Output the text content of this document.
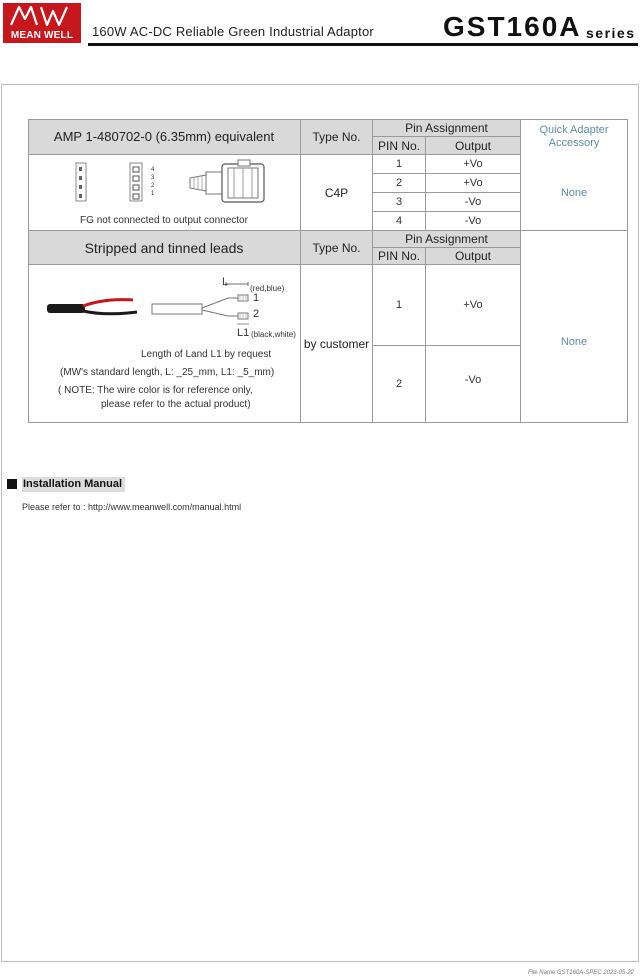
MEAN WELL	160W AC-DC Reliable Green Industrial Adaptor GST160A series
AMP 1-480702-0 (6.35mm) equivalent	Type No.
Pin Assignment
PIN No.	Output
Quick Adapter
Accessory
FG not connected to output connector
C4P
1	+Vo
2	+Vo
3	-Vo
4	-Vo
None
Stripped and tinned leads	Type No.
Pin Assignment
PIN No.	Output
by customer
1	+Vo
2	-Vo
None
4
3
2
1
L
(red,blue)
1
2
L1 (black,white)
Length of Land L1 by request
(MW's standard length, L: _25_mm, L1: _5_mm)
( NOTE: The wire color is for reference only,
please refer to the actual product)
Installation Manual
Please refer to : http://www.meanwell.com/manual.html
File Name:GST160A-SPEC 2023-05-22
